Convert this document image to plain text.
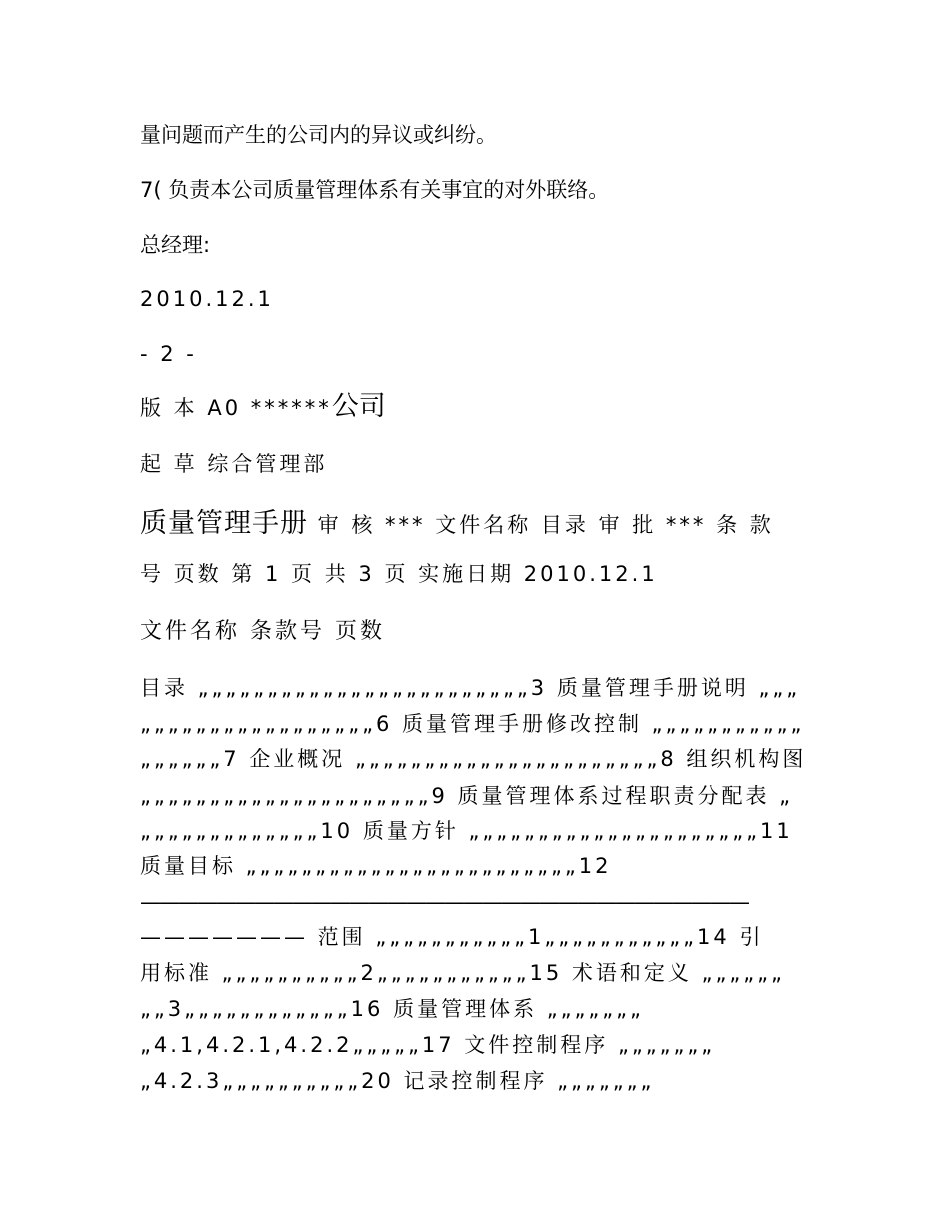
量问题而产生的公司内的异议或纠纷。
7( 负责本公司质量管理体系有关事宜的对外联络。
总经理:
2010.12.1
- 2 -
版 本 A0 ******公司
起 草 综合管理部
质量管理手册 审 核 *** 文件名称 目录 审 批 *** 条 款
号 页数 第 1 页 共 3 页 实施日期 2010.12.1
文件名称 条款号 页数
目录 „„„„„„„„„„„„„„„„„„„„„„„„3 质量管理手册说明 „„„
„„„„„„„„„„„„„„„„„6 质量管理手册修改控制 „„„„„„„„„„„
„„„„„„7 企业概况 „„„„„„„„„„„„„„„„„„„„„„8 组织机构图
„„„„„„„„„„„„„„„„„„„„„9 质量管理体系过程职责分配表 „
„„„„„„„„„„„„„10 质量方针 „„„„„„„„„„„„„„„„„„„„„11
质量目标 „„„„„„„„„„„„„„„„„„„„„„„„12
————————————————————————————————
——————— 范围 „„„„„„„„„„„1„„„„„„„„„„„14 引
用标准 „„„„„„„„„„2„„„„„„„„„„„15 术语和定义 „„„„„„
„„3„„„„„„„„„„„„16 质量管理体系 „„„„„„„
„4.1,4.2.1,4.2.2„„„„„17 文件控制程序 „„„„„„„
„4.2.3„„„„„„„„„„20 记录控制程序 „„„„„„„
